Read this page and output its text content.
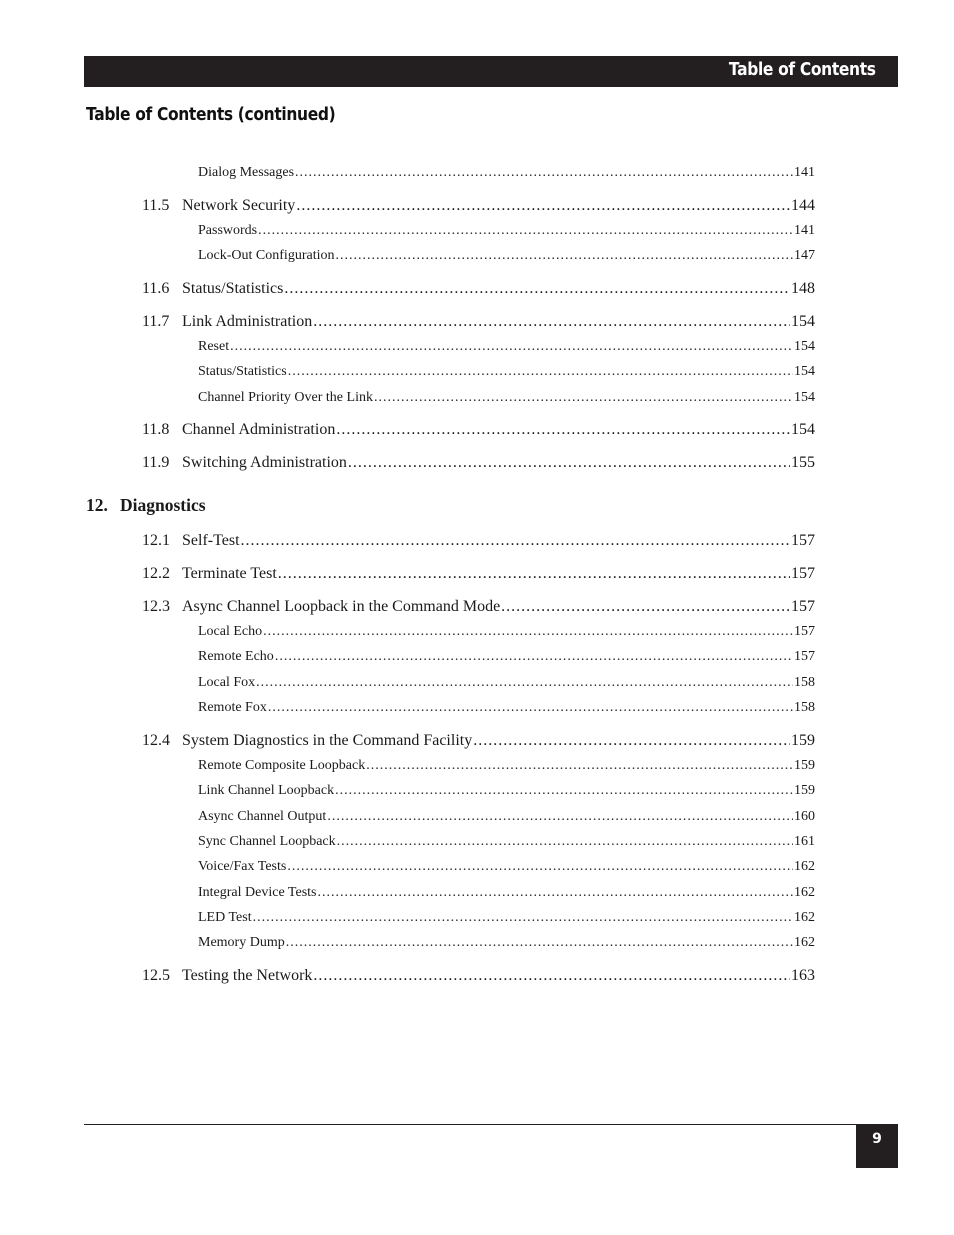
Table of Contents
Table of Contents (continued)
Dialog Messages .....	141
11.5 Network Security .....	144
Passwords .....	141
Lock-Out Configuration .....	147
11.6 Status/Statistics .....	148
11.7 Link Administration .....	154
Reset .....	154
Status/Statistics .....	154
Channel Priority Over the Link .....	154
11.8 Channel Administration .....	154
11.9 Switching Administration .....	155
12. Diagnostics
12.1 Self-Test .....	157
12.2 Terminate Test .....	157
12.3 Async Channel Loopback in the Command Mode .....	157
Local Echo .....	157
Remote Echo .....	157
Local Fox .....	158
Remote Fox .....	158
12.4 System Diagnostics in the Command Facility .....	159
Remote Composite Loopback .....	159
Link Channel Loopback .....	159
Async Channel Output .....	160
Sync Channel Loopback .....	161
Voice/Fax Tests .....	162
Integral Device Tests .....	162
LED Test .....	162
Memory Dump .....	162
12.5 Testing the Network .....	163
9
